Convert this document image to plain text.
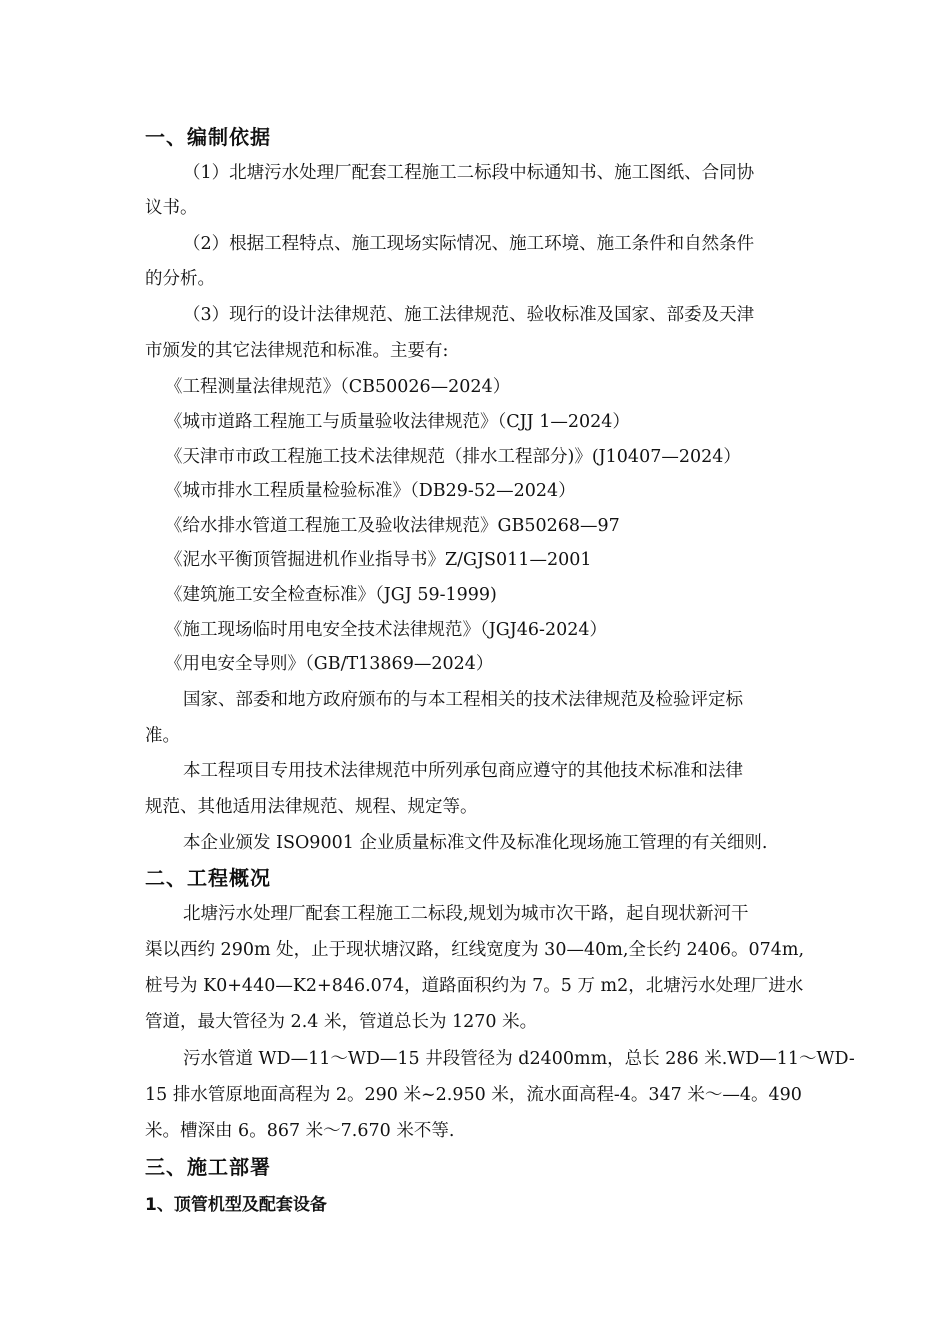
一、编制依据
（1）北塘污水处理厂配套工程施工二标段中标通知书、施工图纸、合同协
议书。
（2）根据工程特点、施工现场实际情况、施工环境、施工条件和自然条件
的分析。
（3）现行的设计法律规范、施工法律规范、验收标准及国家、部委及天津
市颁发的其它法律规范和标准。主要有:
《工程测量法律规范》（CB50026—2024）
《城市道路工程施工与质量验收法律规范》（CJJ 1—2024）
《天津市市政工程施工技术法律规范（排水工程部分)》(J10407—2024）
《城市排水工程质量检验标准》（DB29-52—2024）
《给水排水管道工程施工及验收法律规范》GB50268—97
《泥水平衡顶管掘进机作业指导书》Z/GJS011—2001
《建筑施工安全检查标准》（JGJ 59-1999)
《施工现场临时用电安全技术法律规范》（JGJ46-2024）
《用电安全导则》（GB/T13869—2024）
国家、部委和地方政府颁布的与本工程相关的技术法律规范及检验评定标
准。
本工程项目专用技术法律规范中所列承包商应遵守的其他技术标准和法律
规范、其他适用法律规范、规程、规定等。
本企业颁发 ISO9001 企业质量标准文件及标准化现场施工管理的有关细则.
二、工程概况
北塘污水处理厂配套工程施工二标段,规划为城市次干路，起自现状新河干
渠以西约 290m 处，止于现状塘汉路，红线宽度为 30—40m,全长约 2406。074m,
桩号为 K0+440—K2+846.074，道路面积约为 7。5 万 m2，北塘污水处理厂进水
管道，最大管径为 2.4 米，管道总长为 1270 米。
污水管道 WD—11～WD—15 井段管径为 d2400mm，总长 286 米.WD—11～WD-
15 排水管原地面高程为 2。290 米~2.950 米，流水面高程-4。347 米～—4。490
米。槽深由 6。867 米～7.670 米不等.
三、施工部署
1、顶管机型及配套设备
